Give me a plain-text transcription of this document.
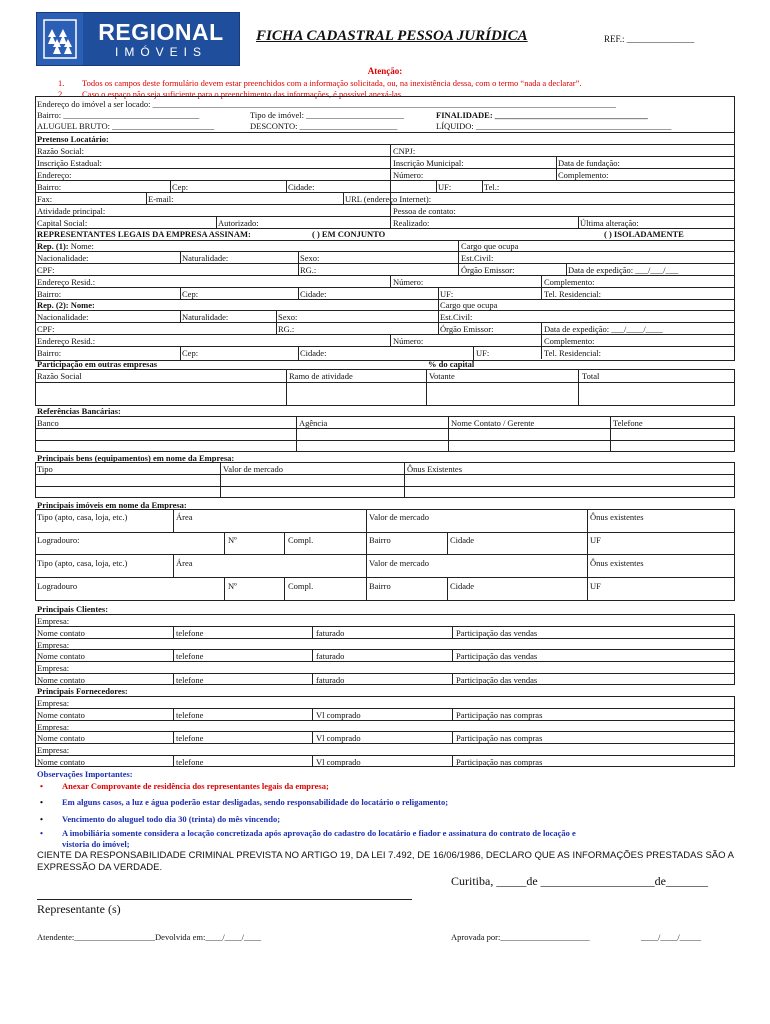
REGIONAL
IMÓVEIS
FICHA CADASTRAL PESSOA JURÍDICA	REF.: _______________
Atenção:
1. Todos os campos deste formulário devem estar preenchidos com a informação solicitada, ou, na inexistência dessa, com o termo “nada a declarar”.
2. Caso o espaço não seja suficiente para o preenchimento das informações, é possível anexá-las.
Endereço do imóvel a ser locado: _____________________________________________________________________________________________________________
Bairro: ________________________________	Tipo de imóvel: _______________________	FINALIDADE: ____________________________________
ALUGUEL BRUTO: ________________________	DESCONTO: _______________________	LÍQUIDO: ______________________________________________
Pretenso Locatário:
Razão Social:	CNPJ:
Inscrição Estadual:	Inscrição Municipal:	Data de fundação:
Endereço:	Número:	Complemento:
Bairro:	Cep:	Cidade:	UF:	Tel.:
Fax:	E-mail:	URL (endereço Internet):
Atividade principal:	Pessoa de contato:
Capital Social:	Autorizado:	Realizado:	Última alteração:
REPRESENTANTES LEGAIS DA EMPRESA ASSINAM:	( ) EM CONJUNTO	( ) ISOLADAMENTE
Rep. (1): Nome:	Cargo que ocupa
Nacionalidade:	Naturalidade:	Sexo:	Est.Civil:
CPF:	RG.:	Órgão Emissor:	Data de expedição: ___/___/___
Endereço Resid.:	Número:	Complemento:
Bairro:	Cep:	Cidade:	UF:	Tel. Residencial:
Rep. (2): Nome:	Cargo que ocupa
Nacionalidade:	Naturalidade:	Sexo:	Est.Civil:
CPF:	RG.:	Órgão Emissor:	Data de expedição: ___/____/____
Endereço Resid.:	Número:	Complemento:
Bairro:	Cep:	Cidade:	UF:	Tel. Residencial:
Participação em outras empresas	% do capital
Razão Social	Ramo de atividade	Votante	Total
Referências Bancárias:
Banco	Agência	Nome Contato / Gerente	Telefone
Principais bens (equipamentos) em nome da Empresa:
Tipo	Valor de mercado	Ônus Existentes
Principais imóveis em nome da Empresa:
Tipo (apto, casa, loja, etc.)	Área	Valor de mercado	Ônus existentes
Logradouro:	Nº	Compl.	Bairro	Cidade	UF
Tipo (apto, casa, loja, etc.)	Área	Valor de mercado	Ônus existentes
Logradouro	Nº	Compl.	Bairro	Cidade	UF
Principais Clientes:
Empresa:
Nome contato	telefone	faturado	Participação das vendas
Empresa:
Nome contato	telefone	faturado	Participação das vendas
Empresa:
Nome contato	telefone	faturado	Participação das vendas
Principais Fornecedores:
Empresa:
Nome contato	telefone	Vl comprado	Participação nas compras
Empresa:
Nome contato	telefone	Vl comprado	Participação nas compras
Empresa:
Nome contato	telefone	Vl comprado	Participação nas compras
Observações Importantes:
• Anexar Comprovante de residência dos representantes legais da empresa;
• Em alguns casos, a luz e água poderão estar desligadas, sendo responsabilidade do locatário o religamento;
• Vencimento do aluguel todo dia 30 (trinta) do mês vincendo;
• A imobiliária somente considera a locação concretizada após aprovação do cadastro do locatário e fiador e assinatura do contrato de locação e
vistoria do imóvel;
CIENTE DA RESPONSABILIDADE CRIMINAL PREVISTA NO ARTIGO 19, DA LEI 7.492, DE 16/06/1986, DECLARO QUE AS INFORMAÇÕES PRESTADAS SÃO A EXPRESSÃO DA VERDADE.
Curitiba, _____de ___________________de_______
Representante (s)
Atendente:___________________Devolvida em:____/____/____	Aprovada por:_____________________	____/____/_____
